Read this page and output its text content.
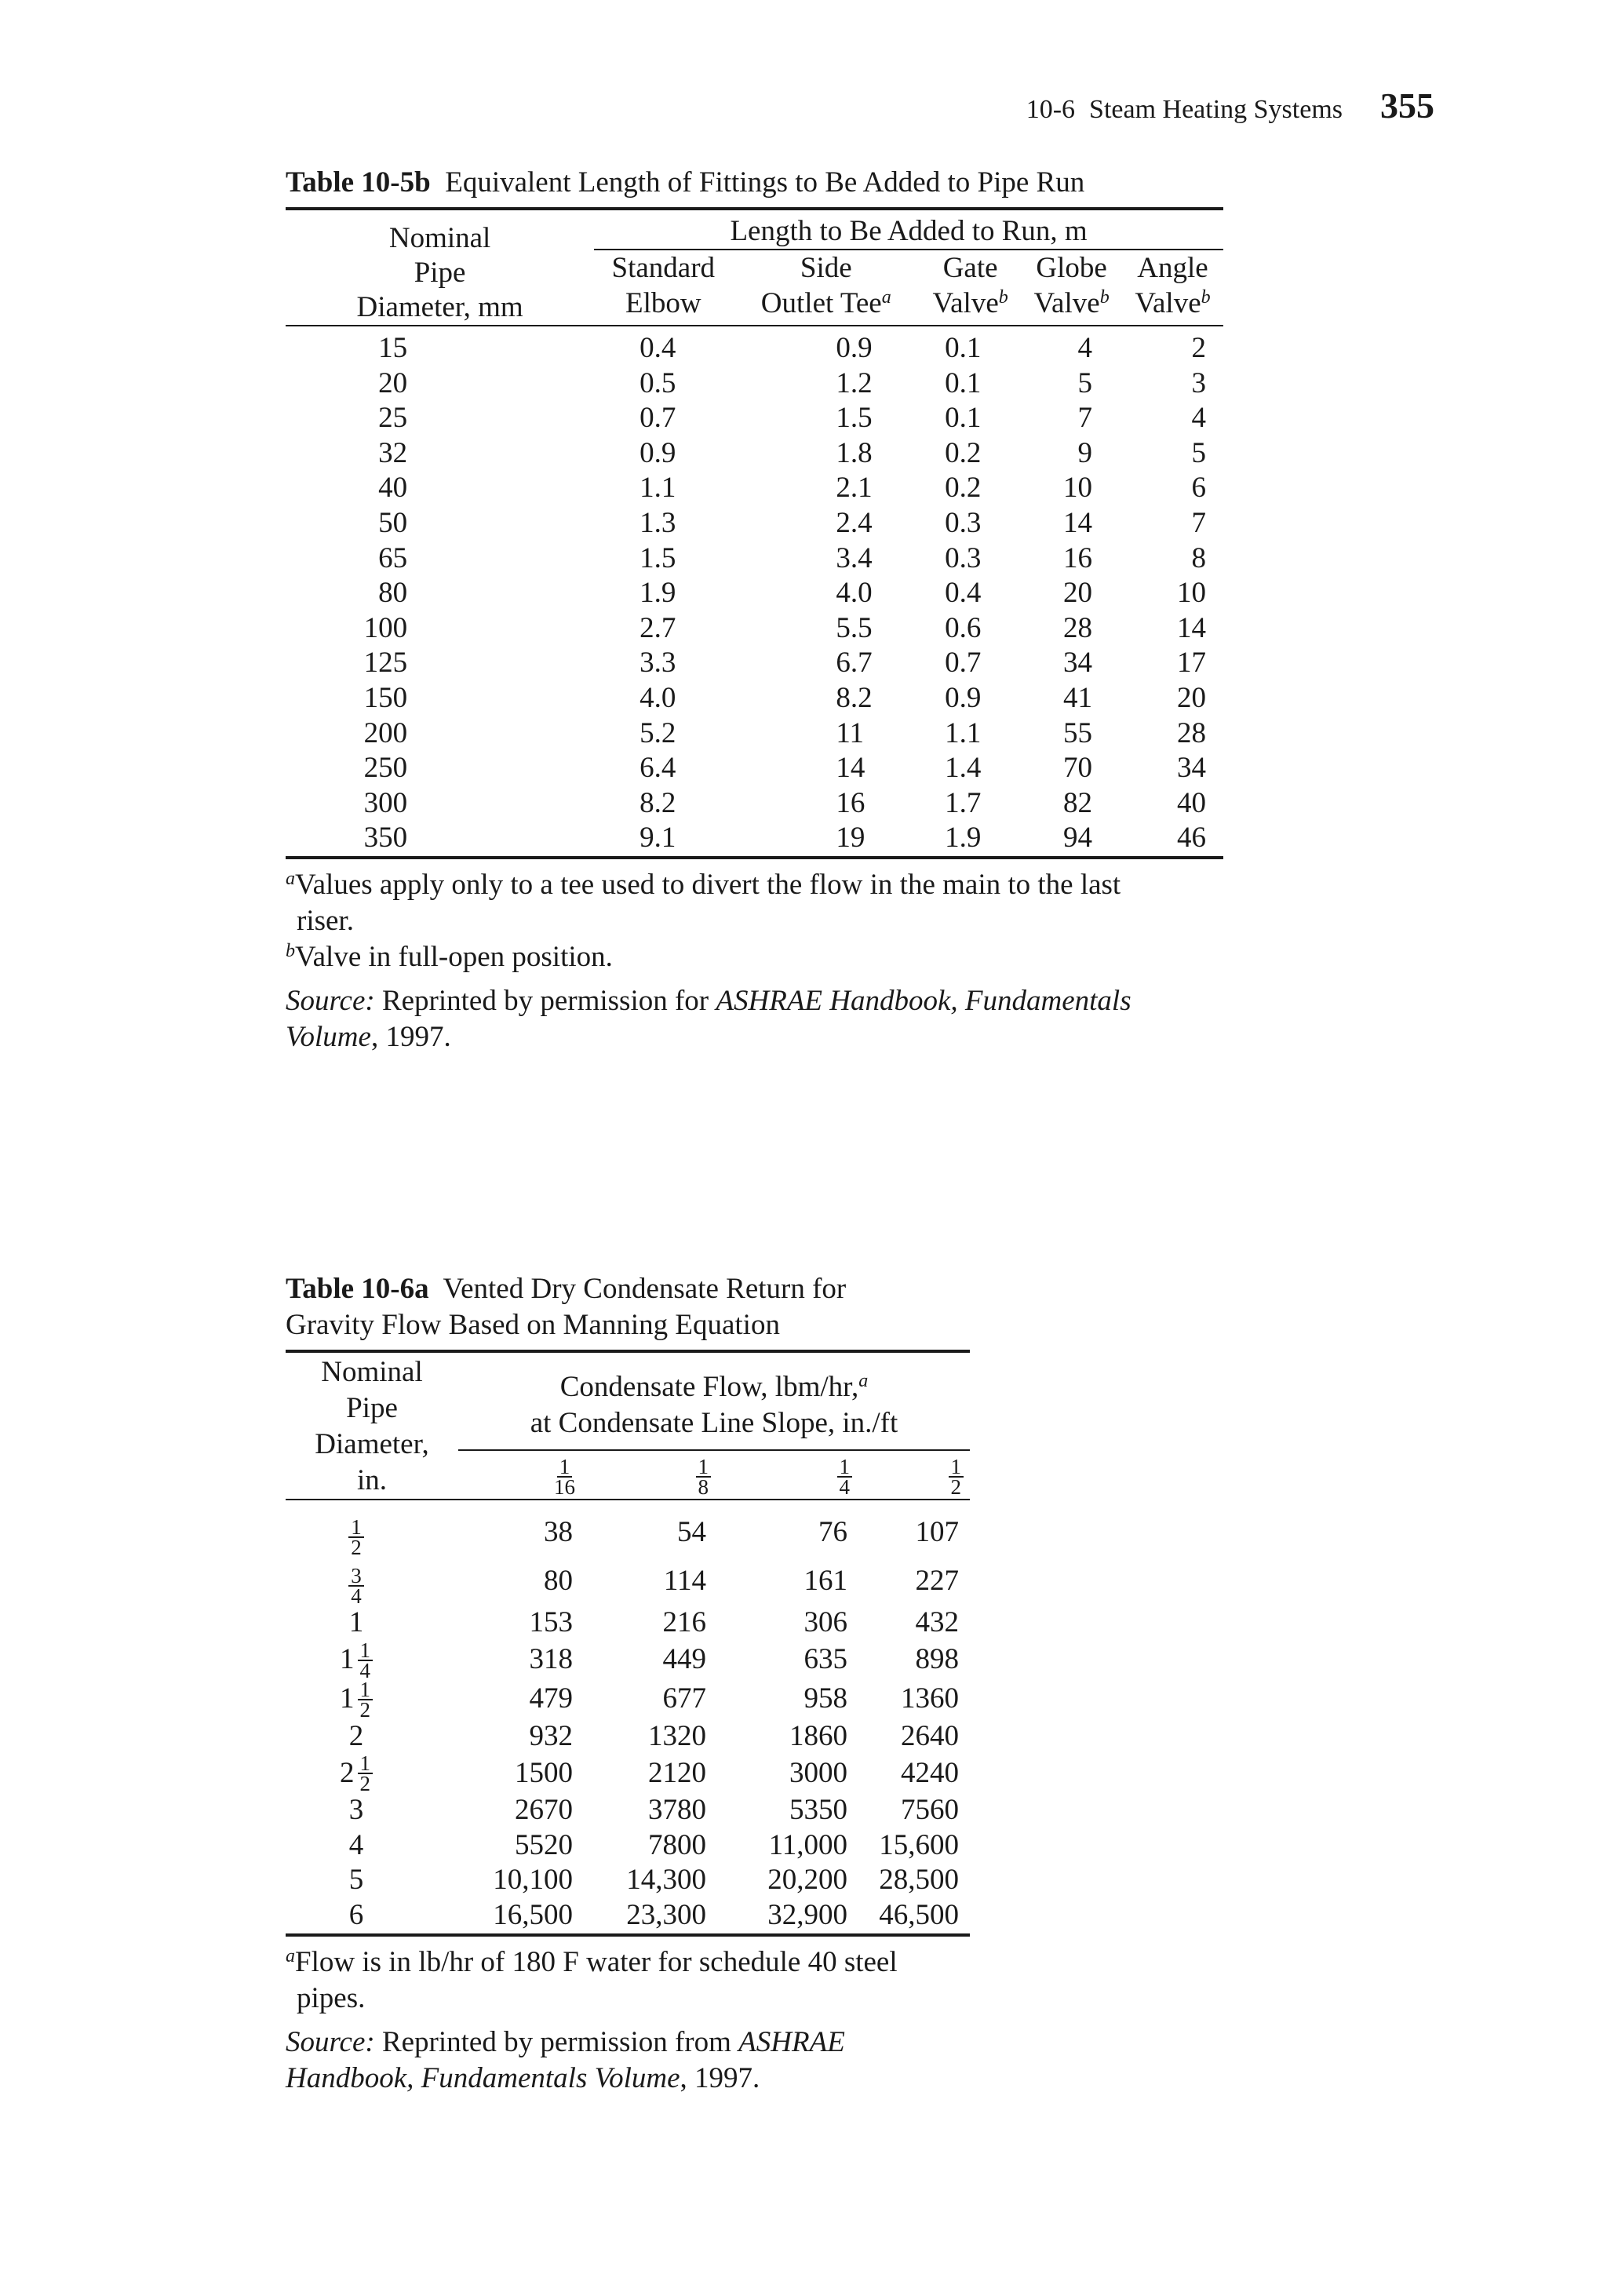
10-6 Steam Heating Systems 355
Table 10-5b Equivalent Length of Fittings to Be Added to Pipe Run
Nominal
Pipe
Diameter, mm	Length to Be Added to Run, m				
	Standard	Side	Gate	Globe	Angle
	Elbow	Outlet Tee$^a$	Valve$^b$	Valve$^b$	Valve$^b$

15	0.4	0.9	0.1	4	2
20	0.5	1.2	0.1	5	3
25	0.7	1.5	0.1	7	4
32	0.9	1.8	0.2	9	5
40	1.1	2.1	0.2	10	6
50	1.3	2.4	0.3	14	7
65	1.5	3.4	0.3	16	8
80	1.9	4.0	0.4	20	10
100	2.7	5.5	0.6	28	14
125	3.3	6.7	0.7	34	17
150	4.0	8.2	0.9	41	20
200	5.2	11	1.1	55	28
250	6.4	14	1.4	70	34
300	8.2	16	1.7	82	40
350	9.1	19	1.9	94	46

$^a$Values apply only to a tee used to divert the flow in the main to the last
riser.

$^b$Valve in full-open position.

Source: Reprinted by permission for ASHRAE Handbook, Fundamentals
Volume, 1997.

Table 10-6a Vented Dry Condensate Return for
Gravity Flow Based on Manning Equation
Nominal
Pipe
Diameter,
in.	Condensate Flow, lbm/hr,$^a$
at Condensate Line Slope, in./ft			

	$\frac{1}{16}$	$\frac{1}{8}$	$\frac{1}{4}$	$\frac{1}{2}$

$\frac{1}{2}$	38	54	76	107

$\frac{3}{4}$	80	114	161	227

1	153	216	306	432

$1 \frac{1}{4}$	318	449	635	898

$1 \frac{1}{2}$	479	677	958	1360

2	932	1320	1860	2640

$2 \frac{1}{2}$	1500	2120	3000	4240

3	2670	3780	5350	7560

4	5520	7800	11,000	15,600

5	10,100	14,300	20,200	28,500

6	16,500	23,300	32,900	46,500

$^a$Flow is in lb/hr of 180 F water for schedule 40 steel
pipes.

Source: Reprinted by permission from ASHRAE
Handbook, Fundamentals Volume, 1997.
